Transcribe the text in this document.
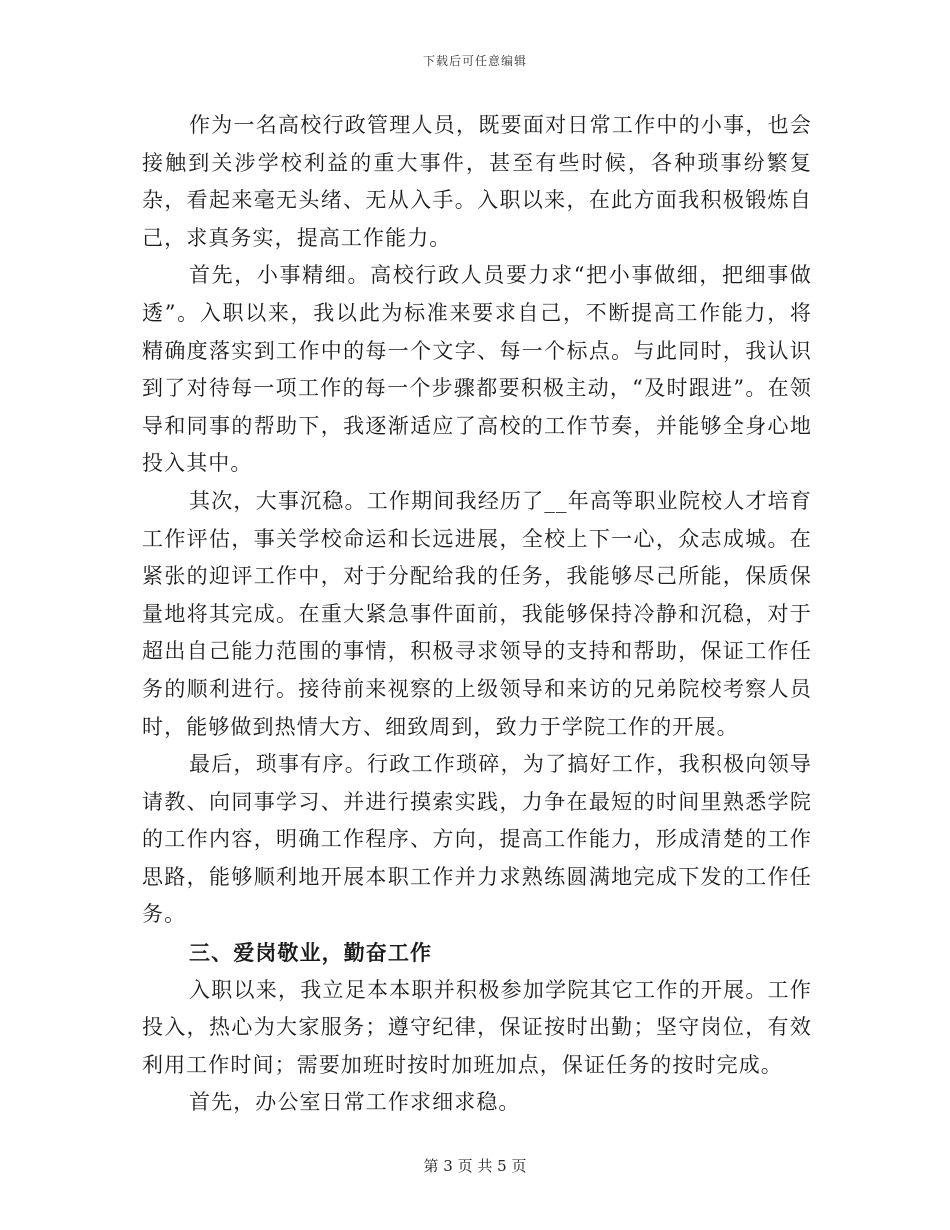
下载后可任意编辑

作为一名高校行政管理人员，既要面对日常工作中的小事，也会接触到关涉学校利益的重大事件，甚至有些时候，各种琐事纷繁复杂，看起来毫无头绪、无从入手。入职以来，在此方面我积极锻炼自己，求真务实，提高工作能力。

首先，小事精细。高校行政人员要力求“把小事做细，把细事做透”。入职以来，我以此为标准来要求自己，不断提高工作能力，将精确度落实到工作中的每一个文字、每一个标点。与此同时，我认识到了对待每一项工作的每一个步骤都要积极主动，“及时跟进”。在领导和同事的帮助下，我逐渐适应了高校的工作节奏，并能够全身心地投入其中。

其次，大事沉稳。工作期间我经历了__年高等职业院校人才培育工作评估，事关学校命运和长远进展，全校上下一心，众志成城。在紧张的迎评工作中，对于分配给我的任务，我能够尽己所能，保质保量地将其完成。在重大紧急事件面前，我能够保持冷静和沉稳，对于超出自己能力范围的事情，积极寻求领导的支持和帮助，保证工作任务的顺利进行。接待前来视察的上级领导和来访的兄弟院校考察人员时，能够做到热情大方、细致周到，致力于学院工作的开展。

最后，琐事有序。行政工作琐碎，为了搞好工作，我积极向领导请教、向同事学习、并进行摸索实践，力争在最短的时间里熟悉学院的工作内容，明确工作程序、方向，提高工作能力，形成清楚的工作思路，能够顺利地开展本职工作并力求熟练圆满地完成下发的工作任务。

三、爱岗敬业，勤奋工作

入职以来，我立足本本职并积极参加学院其它工作的开展。工作投入，热心为大家服务；遵守纪律，保证按时出勤；坚守岗位，有效利用工作时间；需要加班时按时加班加点，保证任务的按时完成。

首先，办公室日常工作求细求稳。

第 3 页 共 5 页
